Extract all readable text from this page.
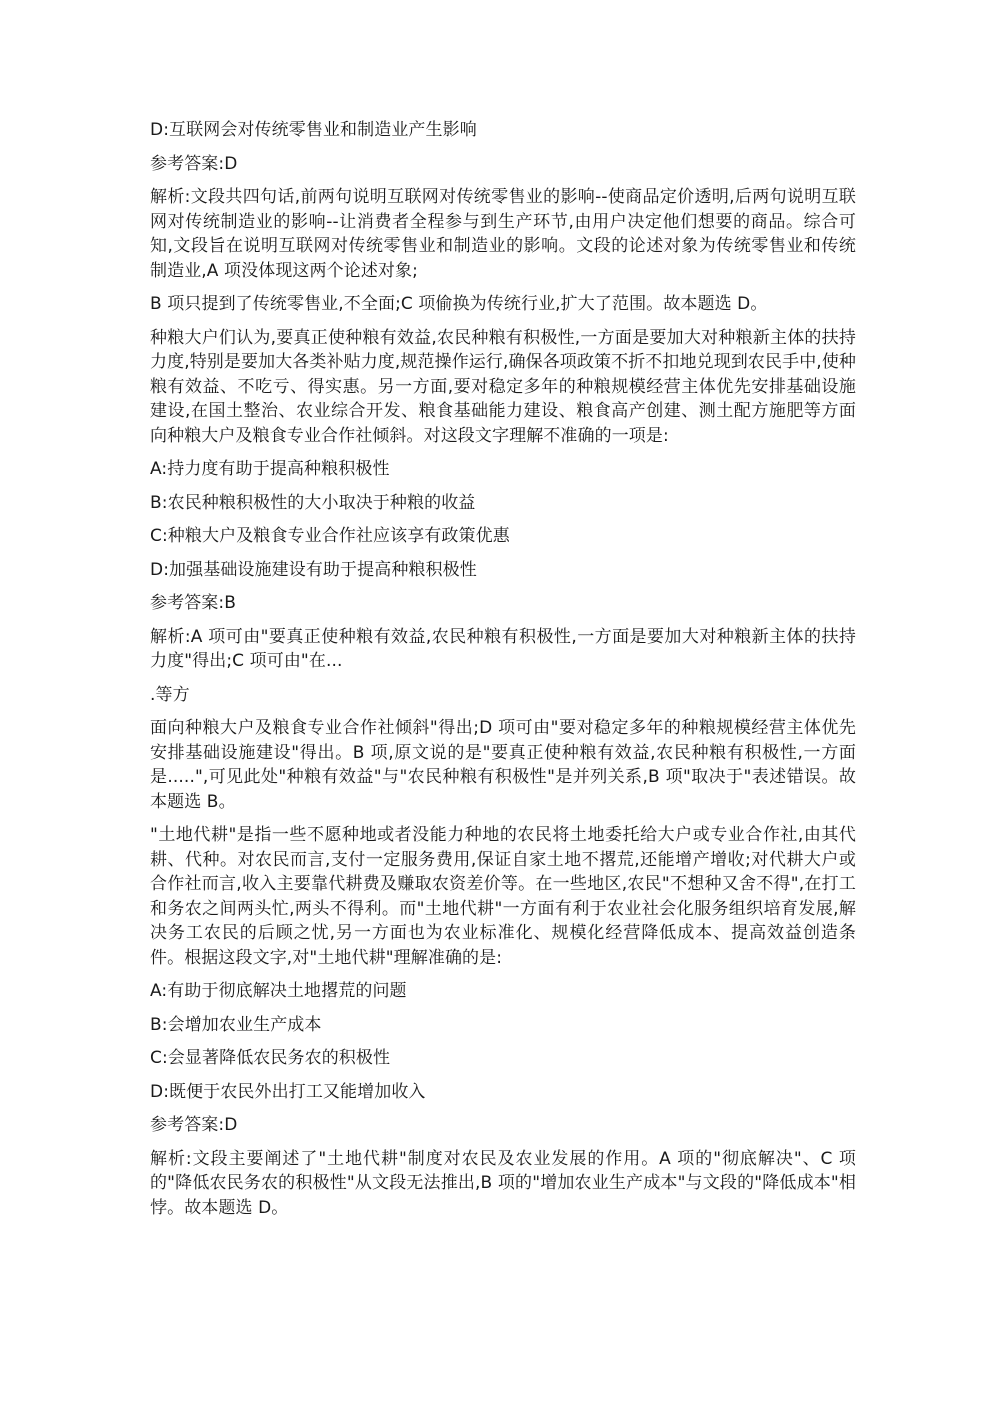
D:互联网会对传统零售业和制造业产生影响

参考答案:D

解析:文段共四句话,前两句说明互联网对传统零售业的影响--使商品定价透明,后两句说明互联网对传统制造业的影响--让消费者全程参与到生产环节,由用户决定他们想要的商品。综合可知,文段旨在说明互联网对传统零售业和制造业的影响。文段的论述对象为传统零售业和传统制造业,A 项没体现这两个论述对象;

B 项只提到了传统零售业,不全面;C 项偷换为传统行业,扩大了范围。故本题选 D。

种粮大户们认为,要真正使种粮有效益,农民种粮有积极性,一方面是要加大对种粮新主体的扶持力度,特别是要加大各类补贴力度,规范操作运行,确保各项政策不折不扣地兑现到农民手中,使种粮有效益、不吃亏、得实惠。另一方面,要对稳定多年的种粮规模经营主体优先安排基础设施建设,在国土整治、农业综合开发、粮食基础能力建设、粮食高产创建、测土配方施肥等方面向种粮大户及粮食专业合作社倾斜。对这段文字理解不准确的一项是:

A:持力度有助于提高种粮积极性

B:农民种粮积极性的大小取决于种粮的收益

C:种粮大户及粮食专业合作社应该享有政策优惠

D:加强基础设施建设有助于提高种粮积极性

参考答案:B

解析:A 项可由"要真正使种粮有效益,农民种粮有积极性,一方面是要加大对种粮新主体的扶持力度"得出;C 项可由"在...

.等方

面向种粮大户及粮食专业合作社倾斜"得出;D 项可由"要对稳定多年的种粮规模经营主体优先安排基础设施建设"得出。B 项,原文说的是"要真正使种粮有效益,农民种粮有积极性,一方面是.....",可见此处"种粮有效益"与"农民种粮有积极性"是并列关系,B 项"取决于"表述错误。故本题选 B。

"土地代耕"是指一些不愿种地或者没能力种地的农民将土地委托给大户或专业合作社,由其代耕、代种。对农民而言,支付一定服务费用,保证自家土地不撂荒,还能增产增收;对代耕大户或合作社而言,收入主要靠代耕费及赚取农资差价等。在一些地区,农民"不想种又舍不得",在打工和务农之间两头忙,两头不得利。而"土地代耕"一方面有利于农业社会化服务组织培育发展,解决务工农民的后顾之忧,另一方面也为农业标准化、规模化经营降低成本、提高效益创造条件。根据这段文字,对"土地代耕"理解准确的是:

A:有助于彻底解决土地撂荒的问题

B:会增加农业生产成本

C:会显著降低农民务农的积极性

D:既便于农民外出打工又能增加收入

参考答案:D

解析:文段主要阐述了"土地代耕"制度对农民及农业发展的作用。A 项的"彻底解决"、C 项的"降低农民务农的积极性"从文段无法推出,B 项的"增加农业生产成本"与文段的"降低成本"相悖。故本题选 D。
